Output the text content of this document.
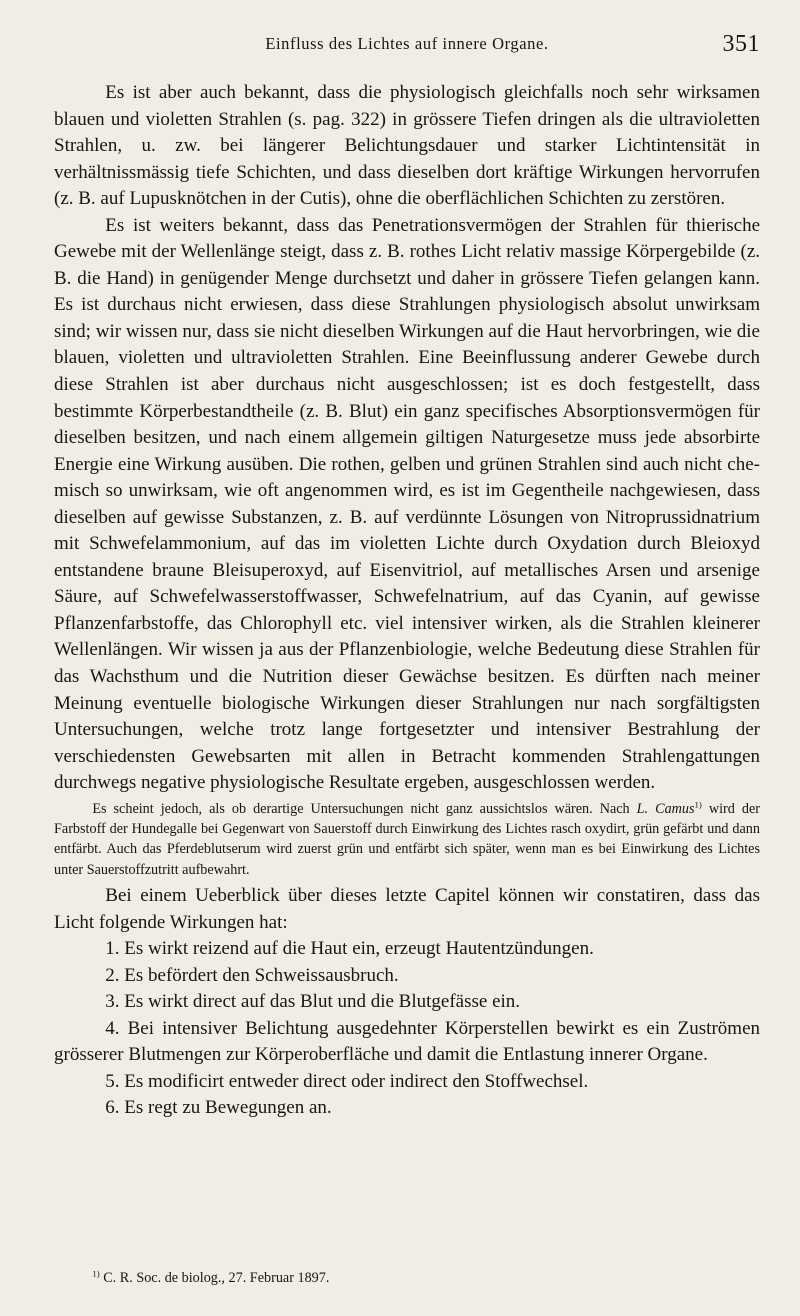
Einfluss des Lichtes auf innere Organe.	351

Es ist aber auch bekannt, dass die physiologisch gleichfalls noch sehr wirksamen blauen und violetten Strahlen (s. pag. 322) in grössere Tiefen dringen als die ultravioletten Strahlen, u. zw. bei längerer Belichtungsdauer und starker Lichtintensität in verhältnissmässig tiefe Schichten, und dass dieselben dort kräftige Wirkungen hervorrufen (z. B. auf Lupusknötchen in der Cutis), ohne die oberflächlichen Schichten zu zerstören.

Es ist weiters bekannt, dass das Penetrationsvermögen der Strahlen für thierische Gewebe mit der Wellenlänge steigt, dass z. B. rothes Licht relativ massige Körpergebilde (z. B. die Hand) in genügender Menge durchsetzt und daher in grössere Tiefen gelangen kann. Es ist durchaus nicht erwiesen, dass diese Strahlungen physiologisch absolut unwirksam sind; wir wissen nur, dass sie nicht dieselben Wirkungen auf die Haut hervorbringen, wie die blauen, violetten und ultravioletten Strahlen. Eine Beeinflussung anderer Gewebe durch diese Strahlen ist aber durchaus nicht ausgeschlossen; ist es doch festgestellt, dass bestimmte Körperbestandtheile (z. B. Blut) ein ganz specifisches Absorptionsvermögen für dieselben besitzen, und nach einem allgemein giltigen Naturgesetze muss jede absorbirte Energie eine Wirkung ausüben. Die rothen, gelben und grünen Strahlen sind auch nicht chemisch so unwirksam, wie oft angenommen wird, es ist im Gegentheile nachgewiesen, dass dieselben auf gewisse Substanzen, z. B. auf verdünnte Lösungen von Nitroprussidnatrium mit Schwefelammonium, auf das im violetten Lichte durch Oxydation durch Bleioxyd entstandene braune Bleisuperoxyd, auf Eisenvitriol, auf metallisches Arsen und arsenige Säure, auf Schwefelwasserstoffwasser, Schwefelnatrium, auf das Cyanin, auf gewisse Pflanzenfarbstoffe, das Chlorophyll etc. viel intensiver wirken, als die Strahlen kleinerer Wellenlängen. Wir wissen ja aus der Pflanzenbiologie, welche Bedeutung diese Strahlen für das Wachsthum und die Nutrition dieser Gewächse besitzen. Es dürften nach meiner Meinung eventuelle biologische Wirkungen dieser Strahlungen nur nach sorgfältigsten Untersuchungen, welche trotz lange fortgesetzter und intensiver Bestrahlung der verschiedensten Gewebsarten mit allen in Betracht kommenden Strahlengattungen durchwegs negative physiologische Resultate ergeben, ausgeschlossen werden.

Es scheint jedoch, als ob derartige Untersuchungen nicht ganz aussichtslos wären. Nach L. Camus$^{1)}$ wird der Farbstoff der Hundegalle bei Gegenwart von Sauerstoff durch Einwirkung des Lichtes rasch oxydirt, grün gefärbt und dann entfärbt. Auch das Pferdeblutserum wird zuerst grün und entfärbt sich später, wenn man es bei Einwirkung des Lichtes unter Sauerstoffzutritt aufbewahrt.

Bei einem Ueberblick über dieses letzte Capitel können wir constatiren, dass das Licht folgende Wirkungen hat:

1. Es wirkt reizend auf die Haut ein, erzeugt Hautentzündungen.
2. Es befördert den Schweissausbruch.
3. Es wirkt direct auf das Blut und die Blutgefässe ein.
4. Bei intensiver Belichtung ausgedehnter Körperstellen bewirkt es ein Zuströmen grösserer Blutmengen zur Körperoberfläche und damit die Entlastung innerer Organe.
5. Es modificirt entweder direct oder indirect den Stoffwechsel.
6. Es regt zu Bewegungen an.

$^{1)}$ C. R. Soc. de biolog., 27. Februar 1897.
